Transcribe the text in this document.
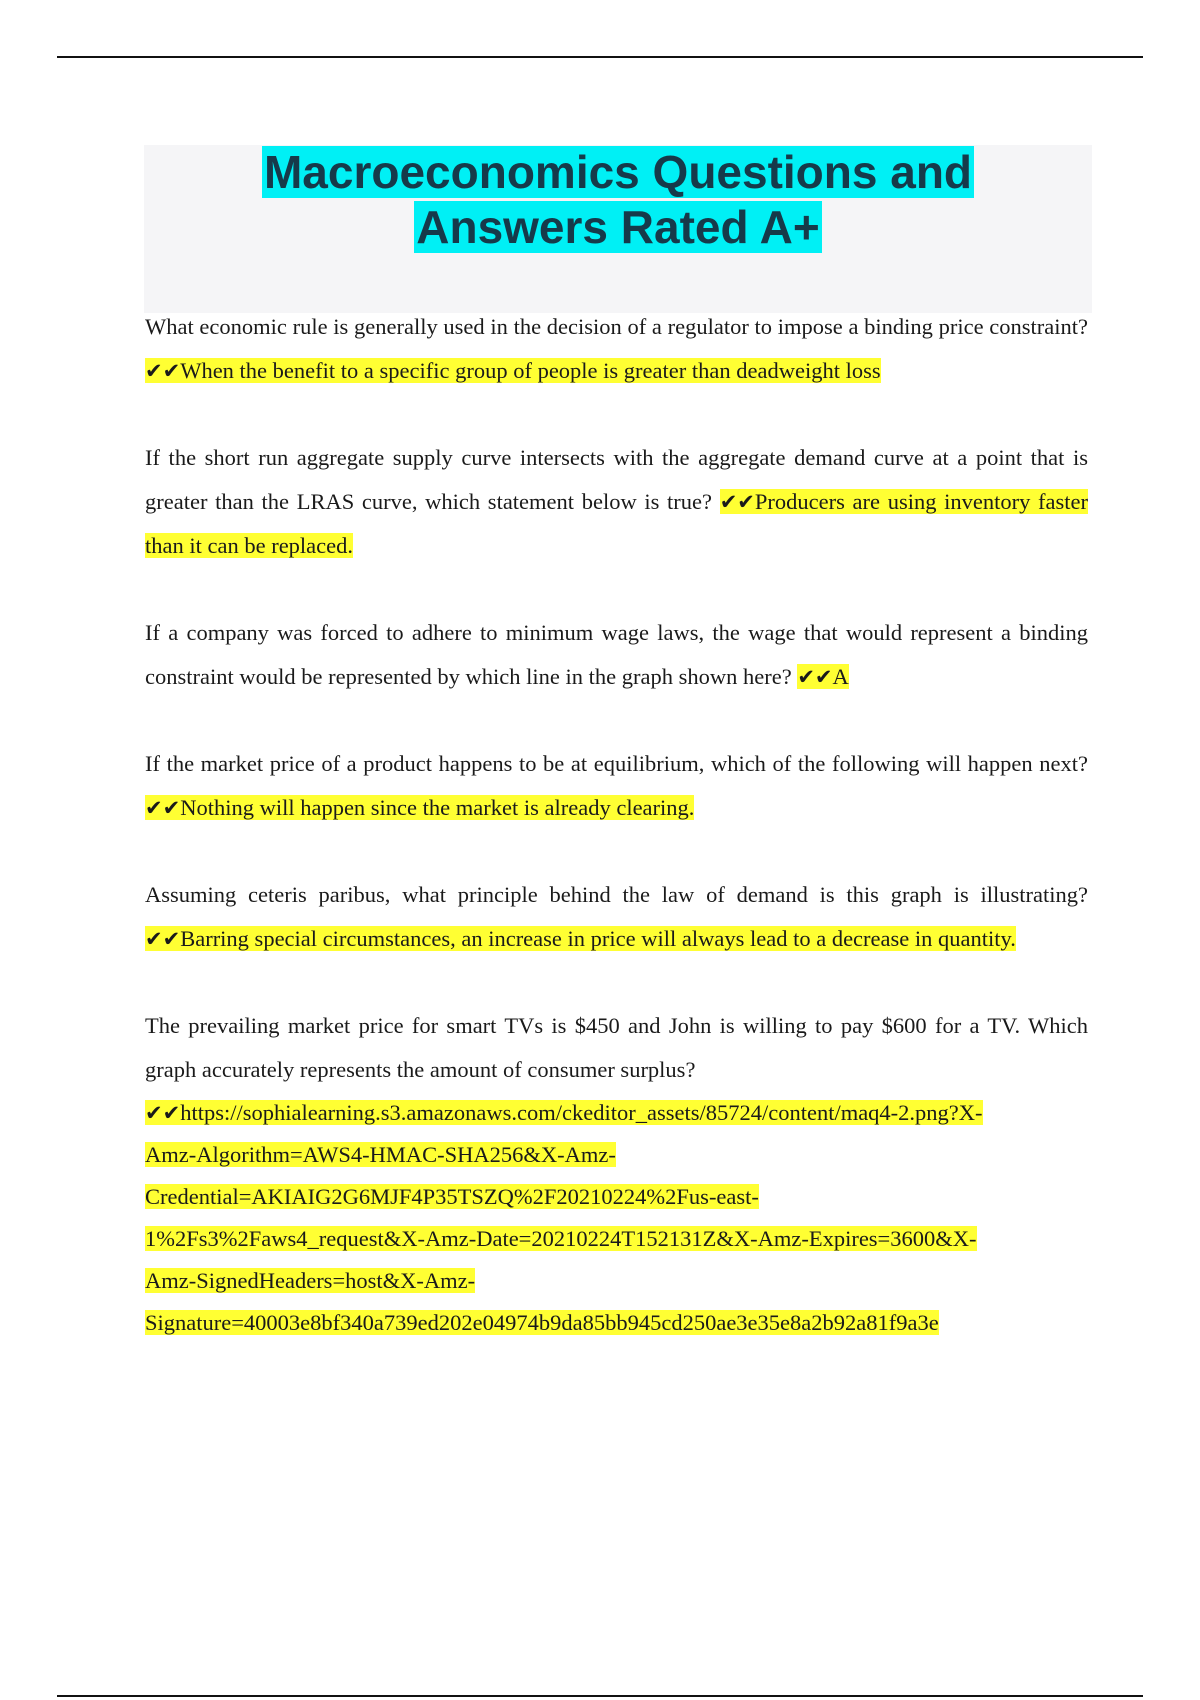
Macroeconomics Questions and
Answers Rated A+

What economic rule is generally used in the decision of a regulator to impose a binding price constraint? ✔✔When the benefit to a specific group of people is greater than deadweight loss

If the short run aggregate supply curve intersects with the aggregate demand curve at a point that is greater than the LRAS curve, which statement below is true? ✔✔Producers are using inventory faster than it can be replaced.

If a company was forced to adhere to minimum wage laws, the wage that would represent a binding constraint would be represented by which line in the graph shown here? ✔✔A

If the market price of a product happens to be at equilibrium, which of the following will happen next? ✔✔Nothing will happen since the market is already clearing.

Assuming ceteris paribus, what principle behind the law of demand is this graph is illustrating? ✔✔Barring special circumstances, an increase in price will always lead to a decrease in quantity.

The prevailing market price for smart TVs is $450 and John is willing to pay $600 for a TV. Which graph accurately represents the amount of consumer surplus?
✔✔https://sophialearning.s3.amazonaws.com/ckeditor_assets/85724/content/maq4-2.png?X-
Amz-Algorithm=AWS4-HMAC-SHA256&X-Amz-
Credential=AKIAIG2G6MJF4P35TSZQ%2F20210224%2Fus-east-
1%2Fs3%2Faws4_request&X-Amz-Date=20210224T152131Z&X-Amz-Expires=3600&X-
Amz-SignedHeaders=host&X-Amz-
Signature=40003e8bf340a739ed202e04974b9da85bb945cd250ae3e35e8a2b92a81f9a3e
